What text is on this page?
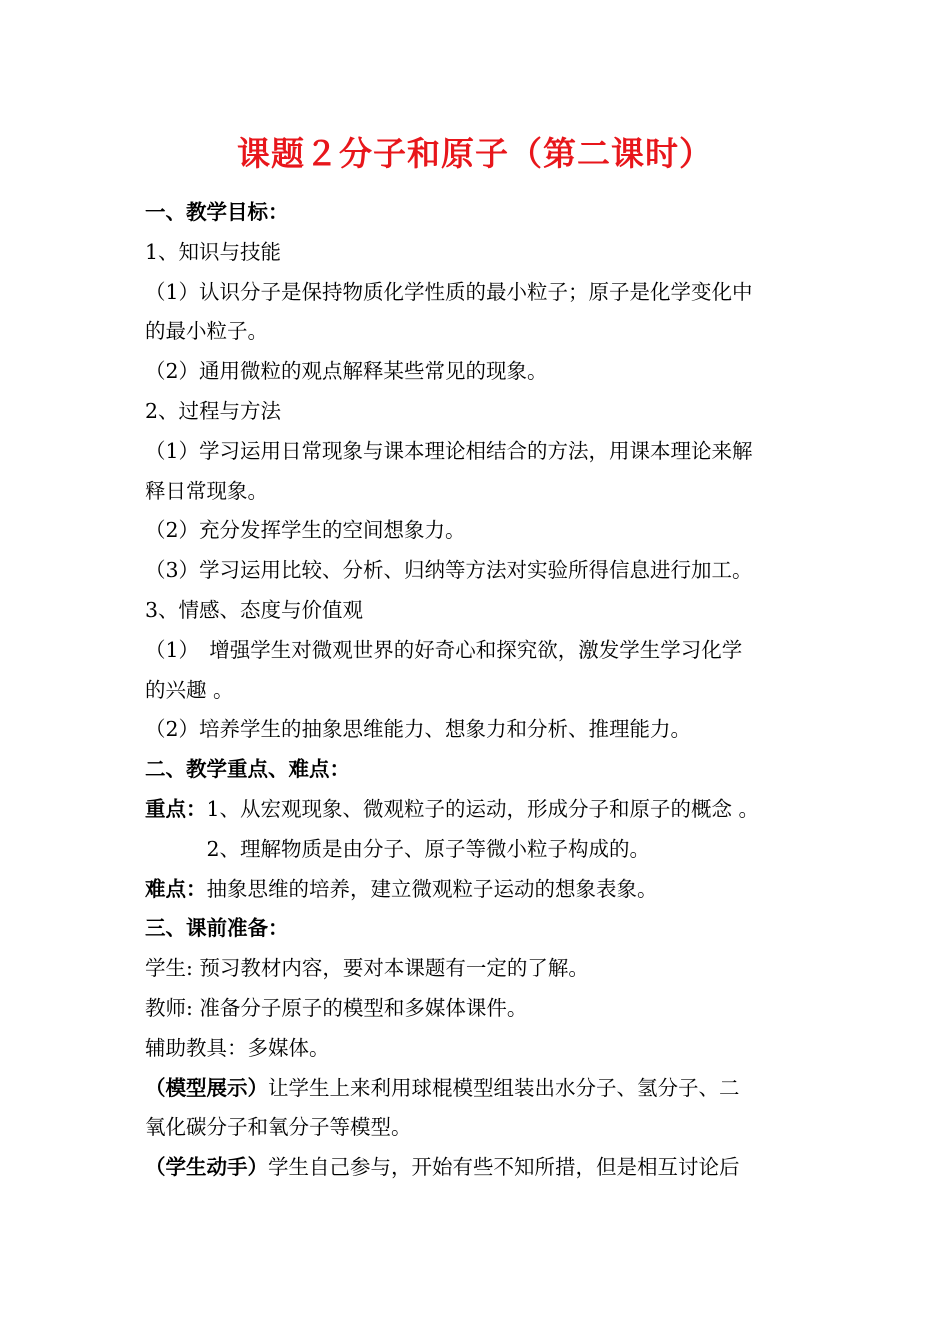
课题２分子和原子（第二课时）
一、教学目标：
1、知识与技能
（1）认识分子是保持物质化学性质的最小粒子；原子是化学变化中
的最小粒子。
（2）通用微粒的观点解释某些常见的现象。
2、过程与方法
（1）学习运用日常现象与课本理论相结合的方法，用课本理论来解
释日常现象。
（2）充分发挥学生的空间想象力。
（3）学习运用比较、分析、归纳等方法对实验所得信息进行加工。
3、情感、态度与价值观
（1）　增强学生对微观世界的好奇心和探究欲，激发学生学习化学
的兴趣 。
（2）培养学生的抽象思维能力、想象力和分析、推理能力。
二、教学重点、难点：
重点：1、从宏观现象、微观粒子的运动，形成分子和原子的概念 。
　　　2、理解物质是由分子、原子等微小粒子构成的。
难点：抽象思维的培养，建立微观粒子运动的想象表象。
三、课前准备：
学生: 预习教材内容，要对本课题有一定的了解。
教师: 准备分子原子的模型和多媒体课件。
辅助教具：多媒体。
（模型展示）让学生上来利用球棍模型组装出水分子、氢分子、二
氧化碳分子和氧分子等模型。
（学生动手）学生自己参与，开始有些不知所措，但是相互讨论后
